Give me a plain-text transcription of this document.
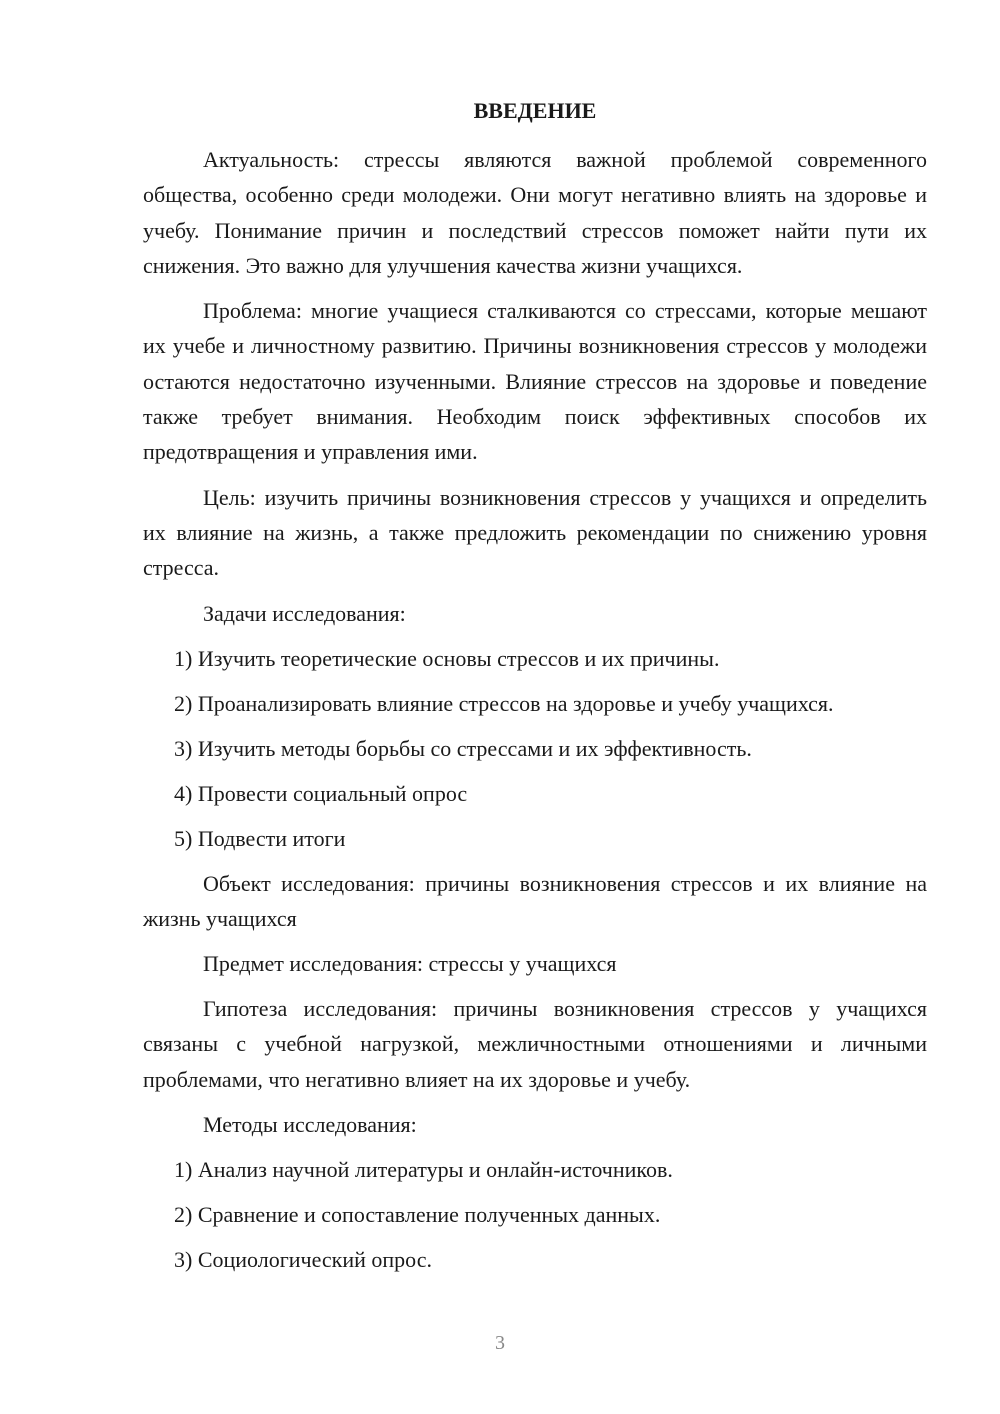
ВВЕДЕНИЕ

Актуальность: стрессы являются важной проблемой современного общества, особенно среди молодежи. Они могут негативно влиять на здоровье и учебу. Понимание причин и последствий стрессов поможет найти пути их снижения. Это важно для улучшения качества жизни учащихся.

Проблема: многие учащиеся сталкиваются со стрессами, которые мешают их учебе и личностному развитию. Причины возникновения стрессов у молодежи остаются недостаточно изученными. Влияние стрессов на здоровье и поведение также требует внимания. Необходим поиск эффективных способов их предотвращения и управления ими.

Цель: изучить причины возникновения стрессов у учащихся и определить их влияние на жизнь, а также предложить рекомендации по снижению уровня стресса.

Задачи исследования:

1) Изучить теоретические основы стрессов и их причины.

2) Проанализировать влияние стрессов на здоровье и учебу учащихся.

3) Изучить методы борьбы со стрессами и их эффективность.

4) Провести социальный опрос

5) Подвести итоги

Объект исследования: причины возникновения стрессов и их влияние на жизнь учащихся

Предмет исследования: стрессы у учащихся

Гипотеза исследования: причины возникновения стрессов у учащихся связаны с учебной нагрузкой, межличностными отношениями и личными проблемами, что негативно влияет на их здоровье и учебу.

Методы исследования:

1) Анализ научной литературы и онлайн-источников.

2) Сравнение и сопоставление полученных данных.

3) Социологический опрос.

3
